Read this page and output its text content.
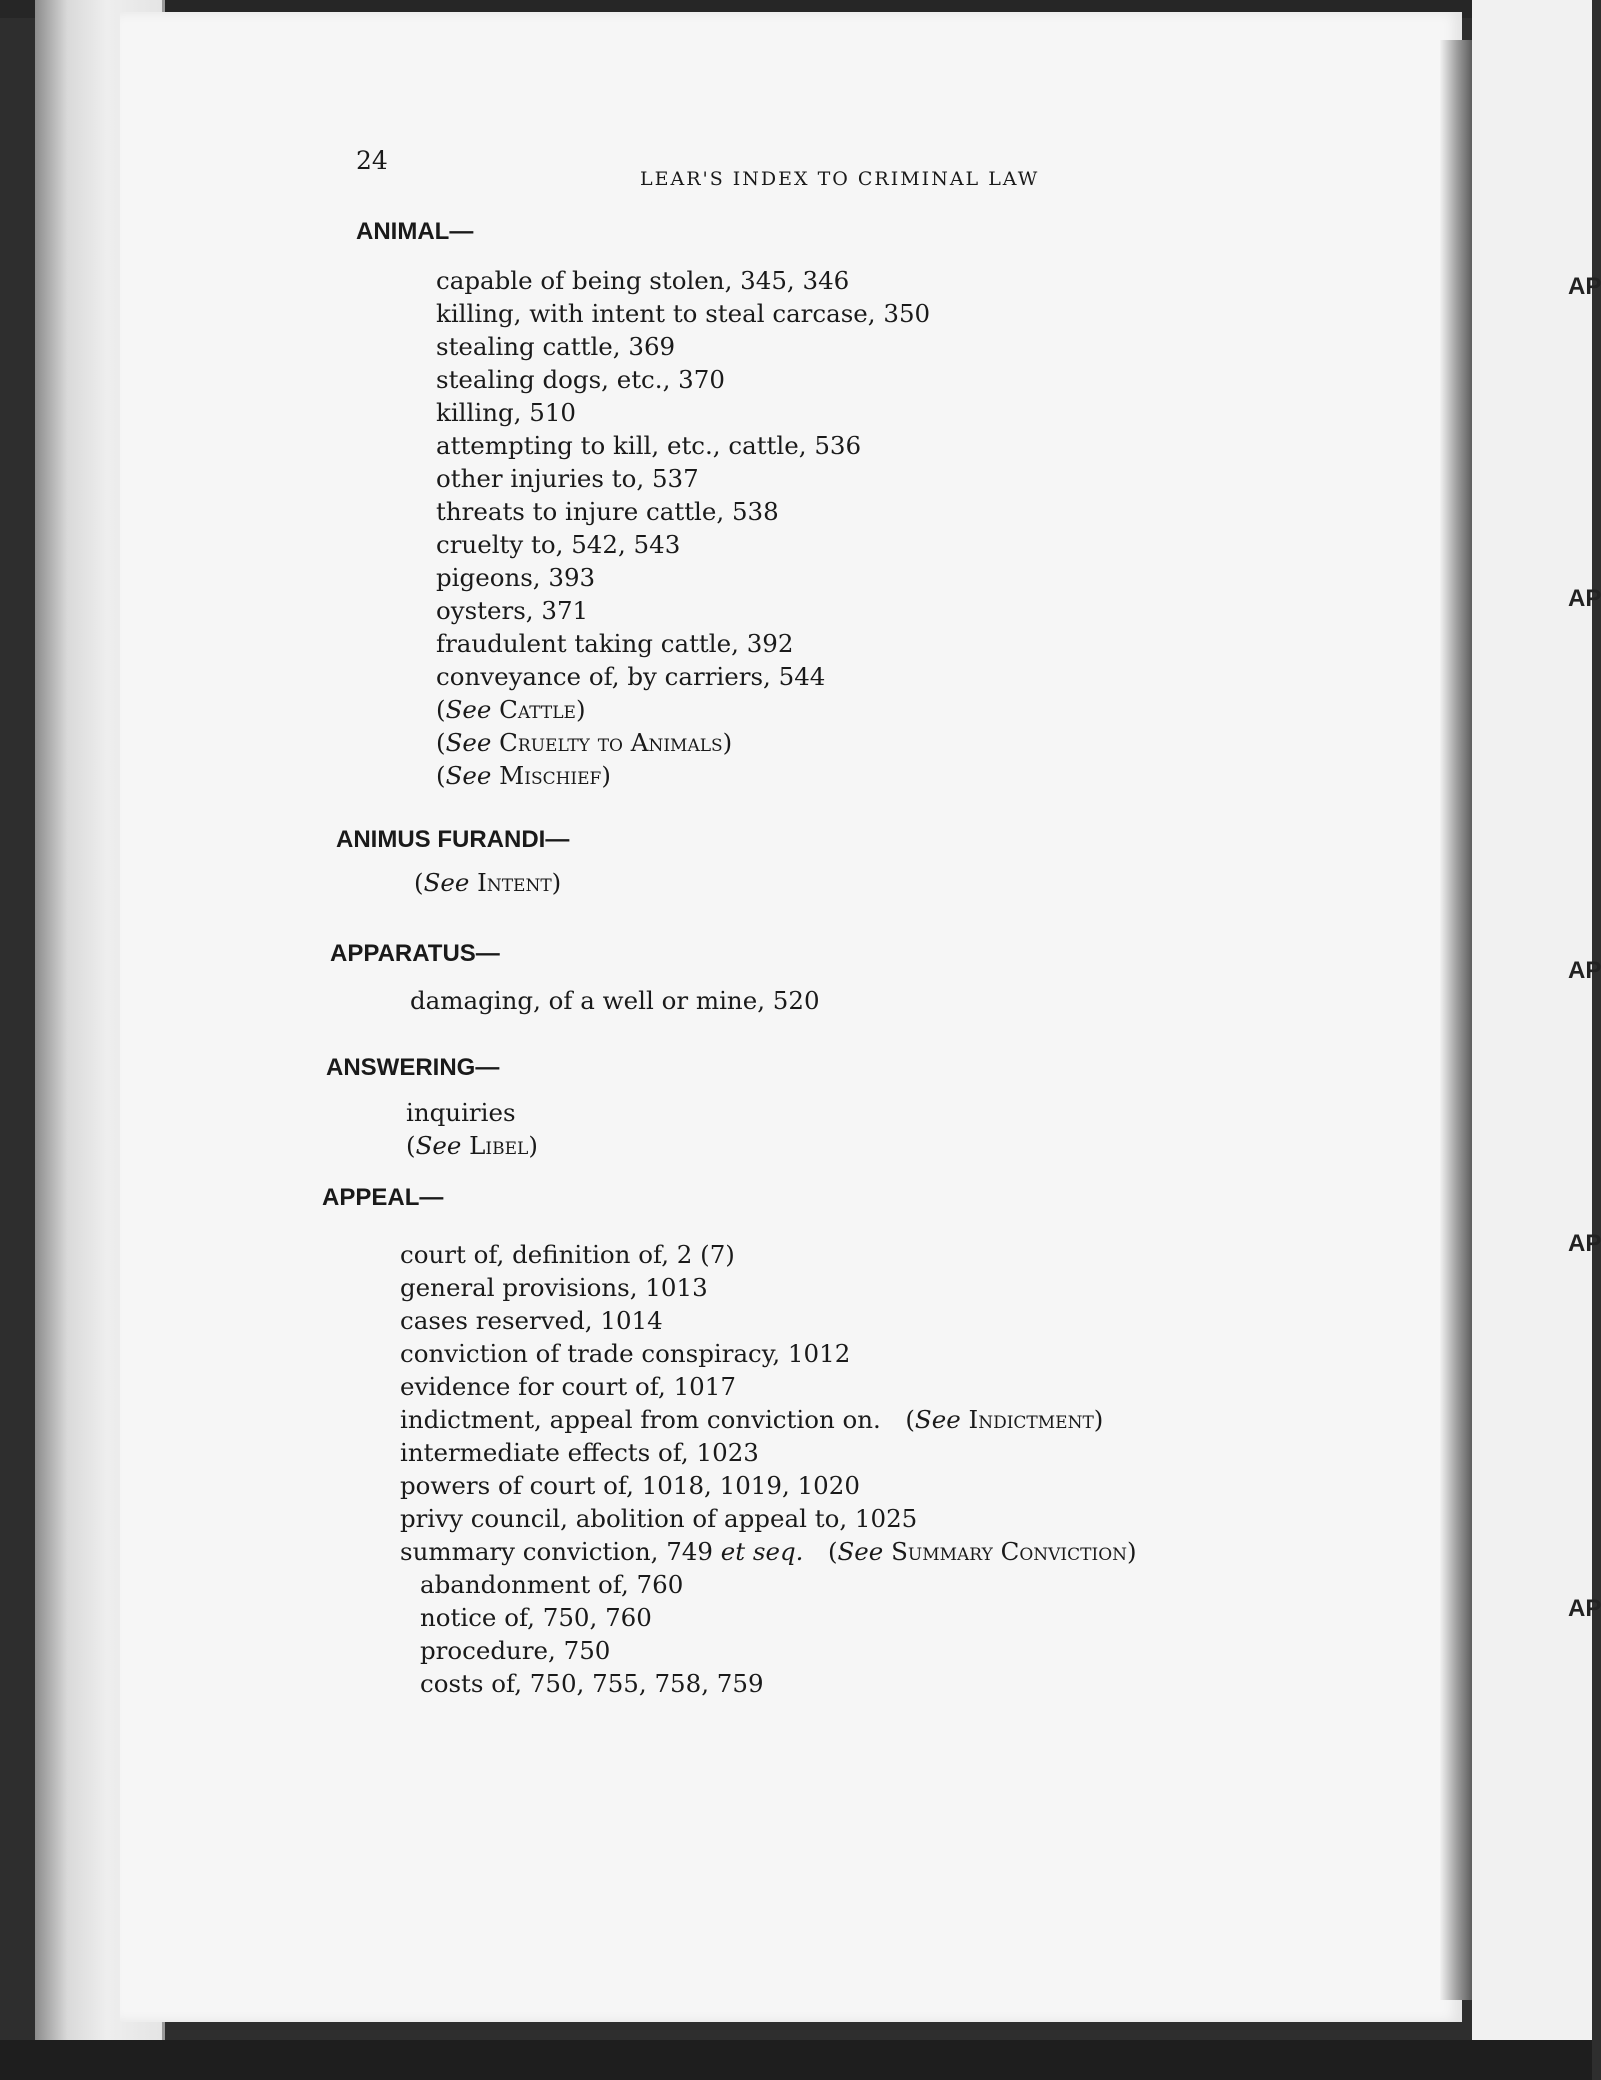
AP
AP
AP
AP
AP
24
LEAR'S INDEX TO CRIMINAL LAW
ANIMAL—
capable of being stolen, 345, 346
killing, with intent to steal carcase, 350
stealing cattle, 369
stealing dogs, etc., 370
killing, 510
attempting to kill, etc., cattle, 536
other injuries to, 537
threats to injure cattle, 538
cruelty to, 542, 543
pigeons, 393
oysters, 371
fraudulent taking cattle, 392
conveyance of, by carriers, 544
(See Cattle)
(See Cruelty to Animals)
(See Mischief)
ANIMUS FURANDI—
(See Intent)
APPARATUS—
damaging, of a well or mine, 520
ANSWERING—
inquiries
(See Libel)
APPEAL—
court of, definition of, 2 (7)
general provisions, 1013
cases reserved, 1014
conviction of trade conspiracy, 1012
evidence for court of, 1017
indictment, appeal from conviction on.  (See Indictment)
intermediate effects of, 1023
powers of court of, 1018, 1019, 1020
privy council, abolition of appeal to, 1025
summary conviction, 749 et seq.  (See Summary Conviction)
abandonment of, 760
notice of, 750, 760
procedure, 750
costs of, 750, 755, 758, 759
